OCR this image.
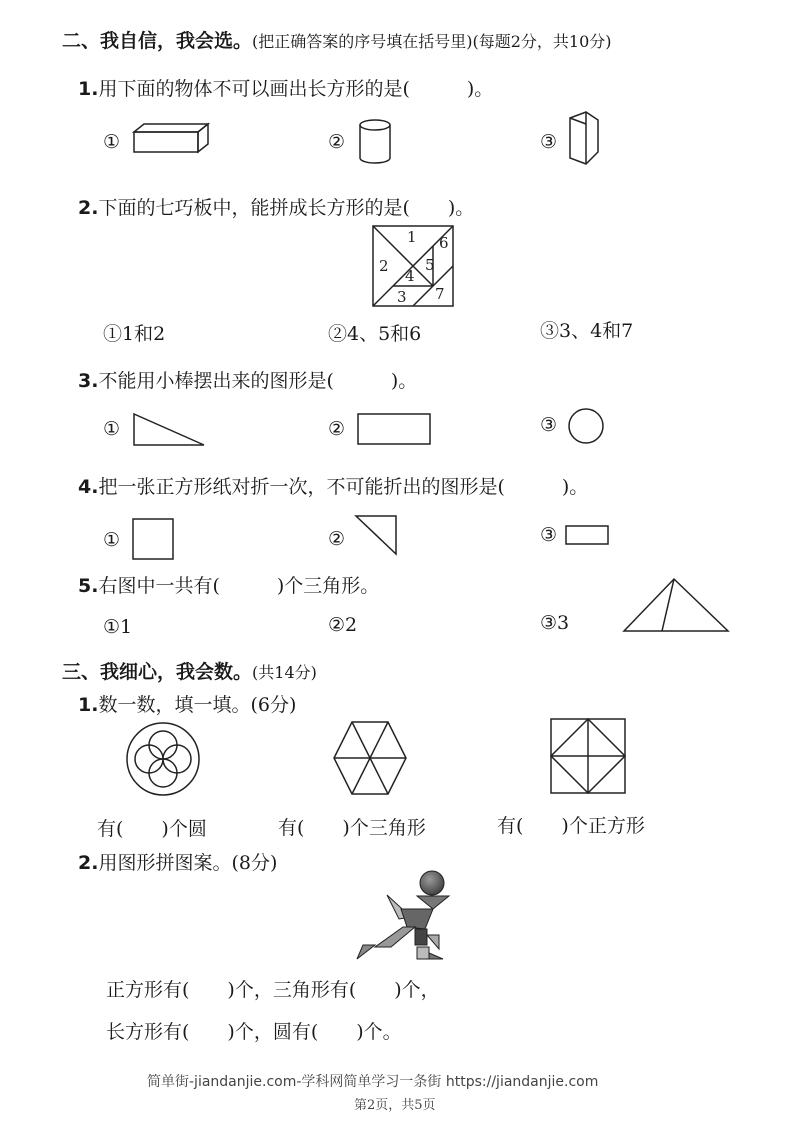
二、我自信，我会选。(把正确答案的序号填在括号里)(每题2分，共10分)
1.用下面的物体不可以画出长方形的是(　　　)。
①	②	③
2.下面的七巧板中，能拼成长方形的是(　　)。
1
2
4
5
6
3 7
①1和2	②4、5和6	③3、4和7
3.不能用小棒摆出来的图形是(　　　)。
①	②	③
4.把一张正方形纸对折一次，不可能折出的图形是(　　　)。
①	②	③
5.右图中一共有(　　　)个三角形。
①1	②2	③3
三、我细心，我会数。(共14分)
1.数一数，填一填。(6分)
有(　　)个圆	有(　　)个三角形	有(　　)个正方形
2.用图形拼图案。(8分)
正方形有(　　)个，三角形有(　　)个，
长方形有(　　)个，圆有(　　)个。
简单街-jiandanjie.com-学科网简单学习一条街 https://jiandanjie.com
第2页，共5页
